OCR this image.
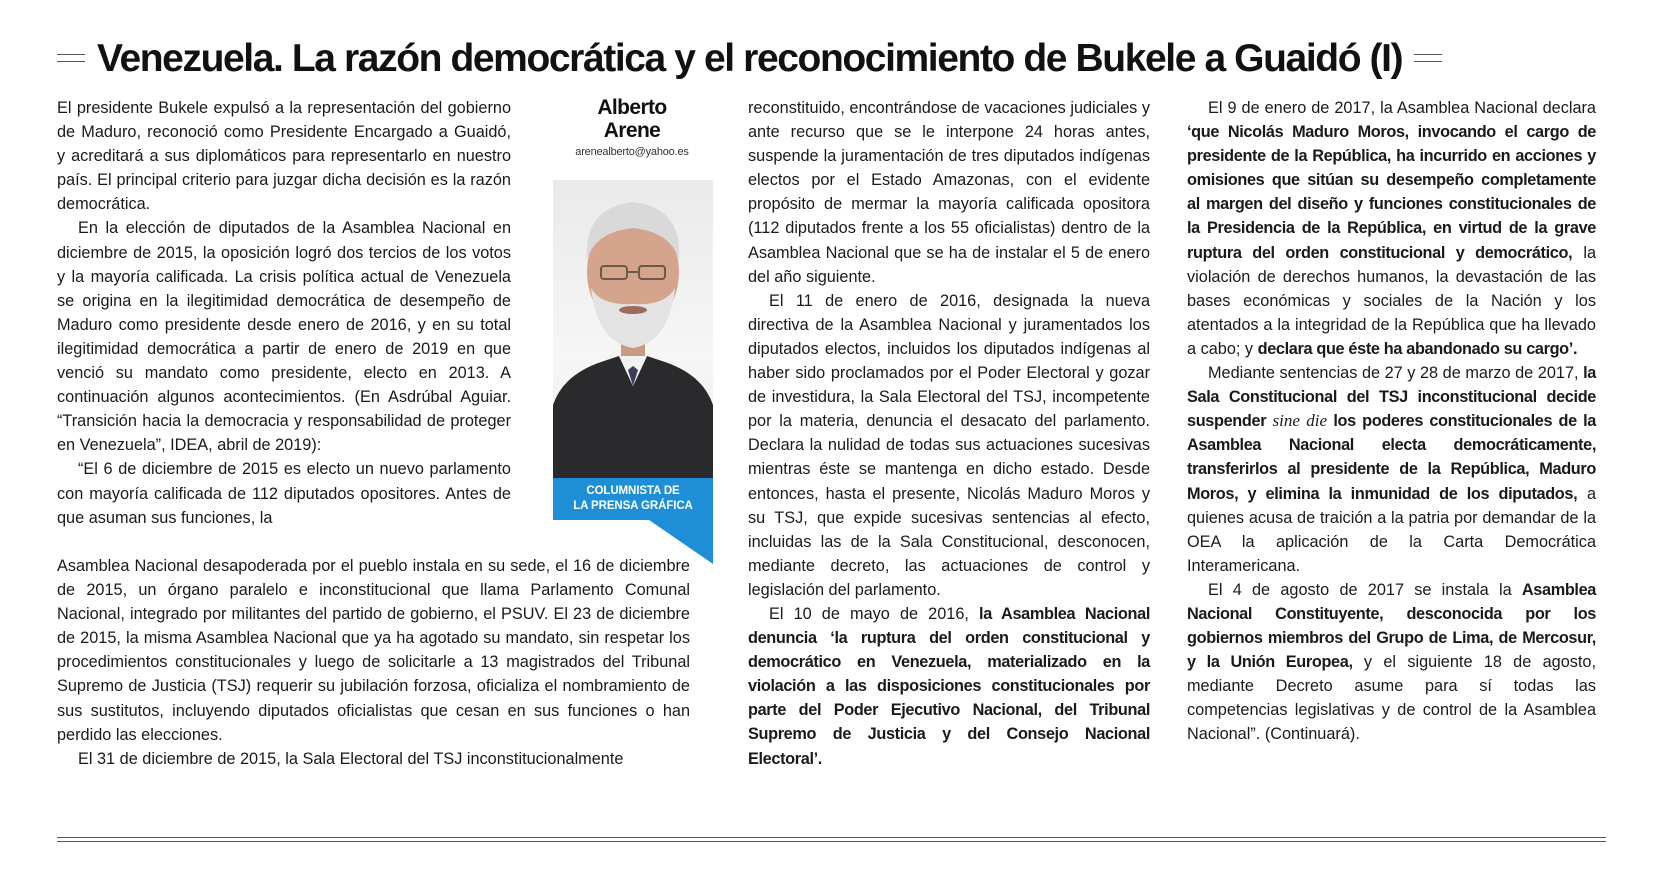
Venezuela. La razón democrática y el reconocimiento de Bukele a Guaidó (I)

El presidente Bukele expulsó a la representación del gobierno de Maduro, reconoció como Presidente Encargado a Guaidó, y acreditará a sus diplomáticos para representarlo en nuestro país. El principal criterio para juzgar dicha decisión es la razón democrática.

En la elección de diputados de la Asamblea Nacional en diciembre de 2015, la oposición logró dos tercios de los votos y la mayoría calificada. La crisis política actual de Venezuela se origina en la ilegitimidad democrática de desempeño de Maduro como presidente desde enero de 2016, y en su total ilegitimidad democrática a partir de enero de 2019 en que venció su mandato como presidente, electo en 2013. A continuación algunos acontecimientos. (En Asdrúbal Aguiar. “Transición hacia la democracia y responsabilidad de proteger en Venezuela”, IDEA, abril de 2019):

“El 6 de diciembre de 2015 es electo un nuevo parlamento con mayoría calificada de 112 diputados opositores. Antes de que asuman sus funciones, la

Asamblea Nacional desapoderada por el pueblo instala en su sede, el 16 de diciembre de 2015, un órgano paralelo e inconstitucional que llama Parlamento Comunal Nacional, integrado por militantes del partido de gobierno, el PSUV. El 23 de diciembre de 2015, la misma Asamblea Nacional que ya ha agotado su mandato, sin respetar los procedimientos constitucionales y luego de solicitarle a 13 magistrados del Tribunal Supremo de Justicia (TSJ) requerir su jubilación forzosa, oficializa el nombramiento de sus sustitutos, incluyendo diputados oficialistas que cesan en sus funciones o han perdido las elecciones.

El 31 de diciembre de 2015, la Sala Electoral del TSJ inconstitucionalmente

Alberto
Arene
arenealberto@yahoo.es
COLUMNISTA DE
LA PRENSA GRÁFICA

reconstituido, encontrándose de vacaciones judiciales y ante recurso que se le interpone 24 horas antes, suspende la juramentación de tres diputados indígenas electos por el Estado Amazonas, con el evidente propósito de mermar la mayoría calificada opositora (112 diputados frente a los 55 oficialistas) dentro de la Asamblea Nacional que se ha de instalar el 5 de enero del año siguiente.

El 11 de enero de 2016, designada la nueva directiva de la Asamblea Nacional y juramentados los diputados electos, incluidos los diputados indígenas al haber sido proclamados por el Poder Electoral y gozar de investidura, la Sala Electoral del TSJ, incompetente por la materia, denuncia el desacato del parlamento. Declara la nulidad de todas sus actuaciones sucesivas mientras éste se mantenga en dicho estado. Desde entonces, hasta el presente, Nicolás Maduro Moros y su TSJ, que expide sucesivas sentencias al efecto, incluidas las de la Sala Constitucional, desconocen, mediante decreto, las actuaciones de control y legislación del parlamento.

El 10 de mayo de 2016, la Asamblea Nacional denuncia ‘la ruptura del orden constitucional y democrático en Venezuela, materializado en la violación a las disposiciones constitucionales por parte del Poder Ejecutivo Nacional, del Tribunal Supremo de Justicia y del Consejo Nacional Electoral’.

El 9 de enero de 2017, la Asamblea Nacional declara ‘que Nicolás Maduro Moros, invocando el cargo de presidente de la República, ha incurrido en acciones y omisiones que sitúan su desempeño completamente al margen del diseño y funciones constitucionales de la Presidencia de la República, en virtud de la grave ruptura del orden constitucional y democrático, la violación de derechos humanos, la devastación de las bases económicas y sociales de la Nación y los atentados a la integridad de la República que ha llevado a cabo; y declara que éste ha abandonado su cargo’.

Mediante sentencias de 27 y 28 de marzo de 2017, la Sala Constitucional del TSJ inconstitucional decide suspender sine die los poderes constitucionales de la Asamblea Nacional electa democráticamente, transferirlos al presidente de la República, Maduro Moros, y elimina la inmunidad de los diputados, a quienes acusa de traición a la patria por demandar de la OEA la aplicación de la Carta Democrática Interamericana.

El 4 de agosto de 2017 se instala la Asamblea Nacional Constituyente, desconocida por los gobiernos miembros del Grupo de Lima, de Mercosur, y la Unión Europea, y el siguiente 18 de agosto, mediante Decreto asume para sí todas las competencias legislativas y de control de la Asamblea Nacional”. (Continuará).
